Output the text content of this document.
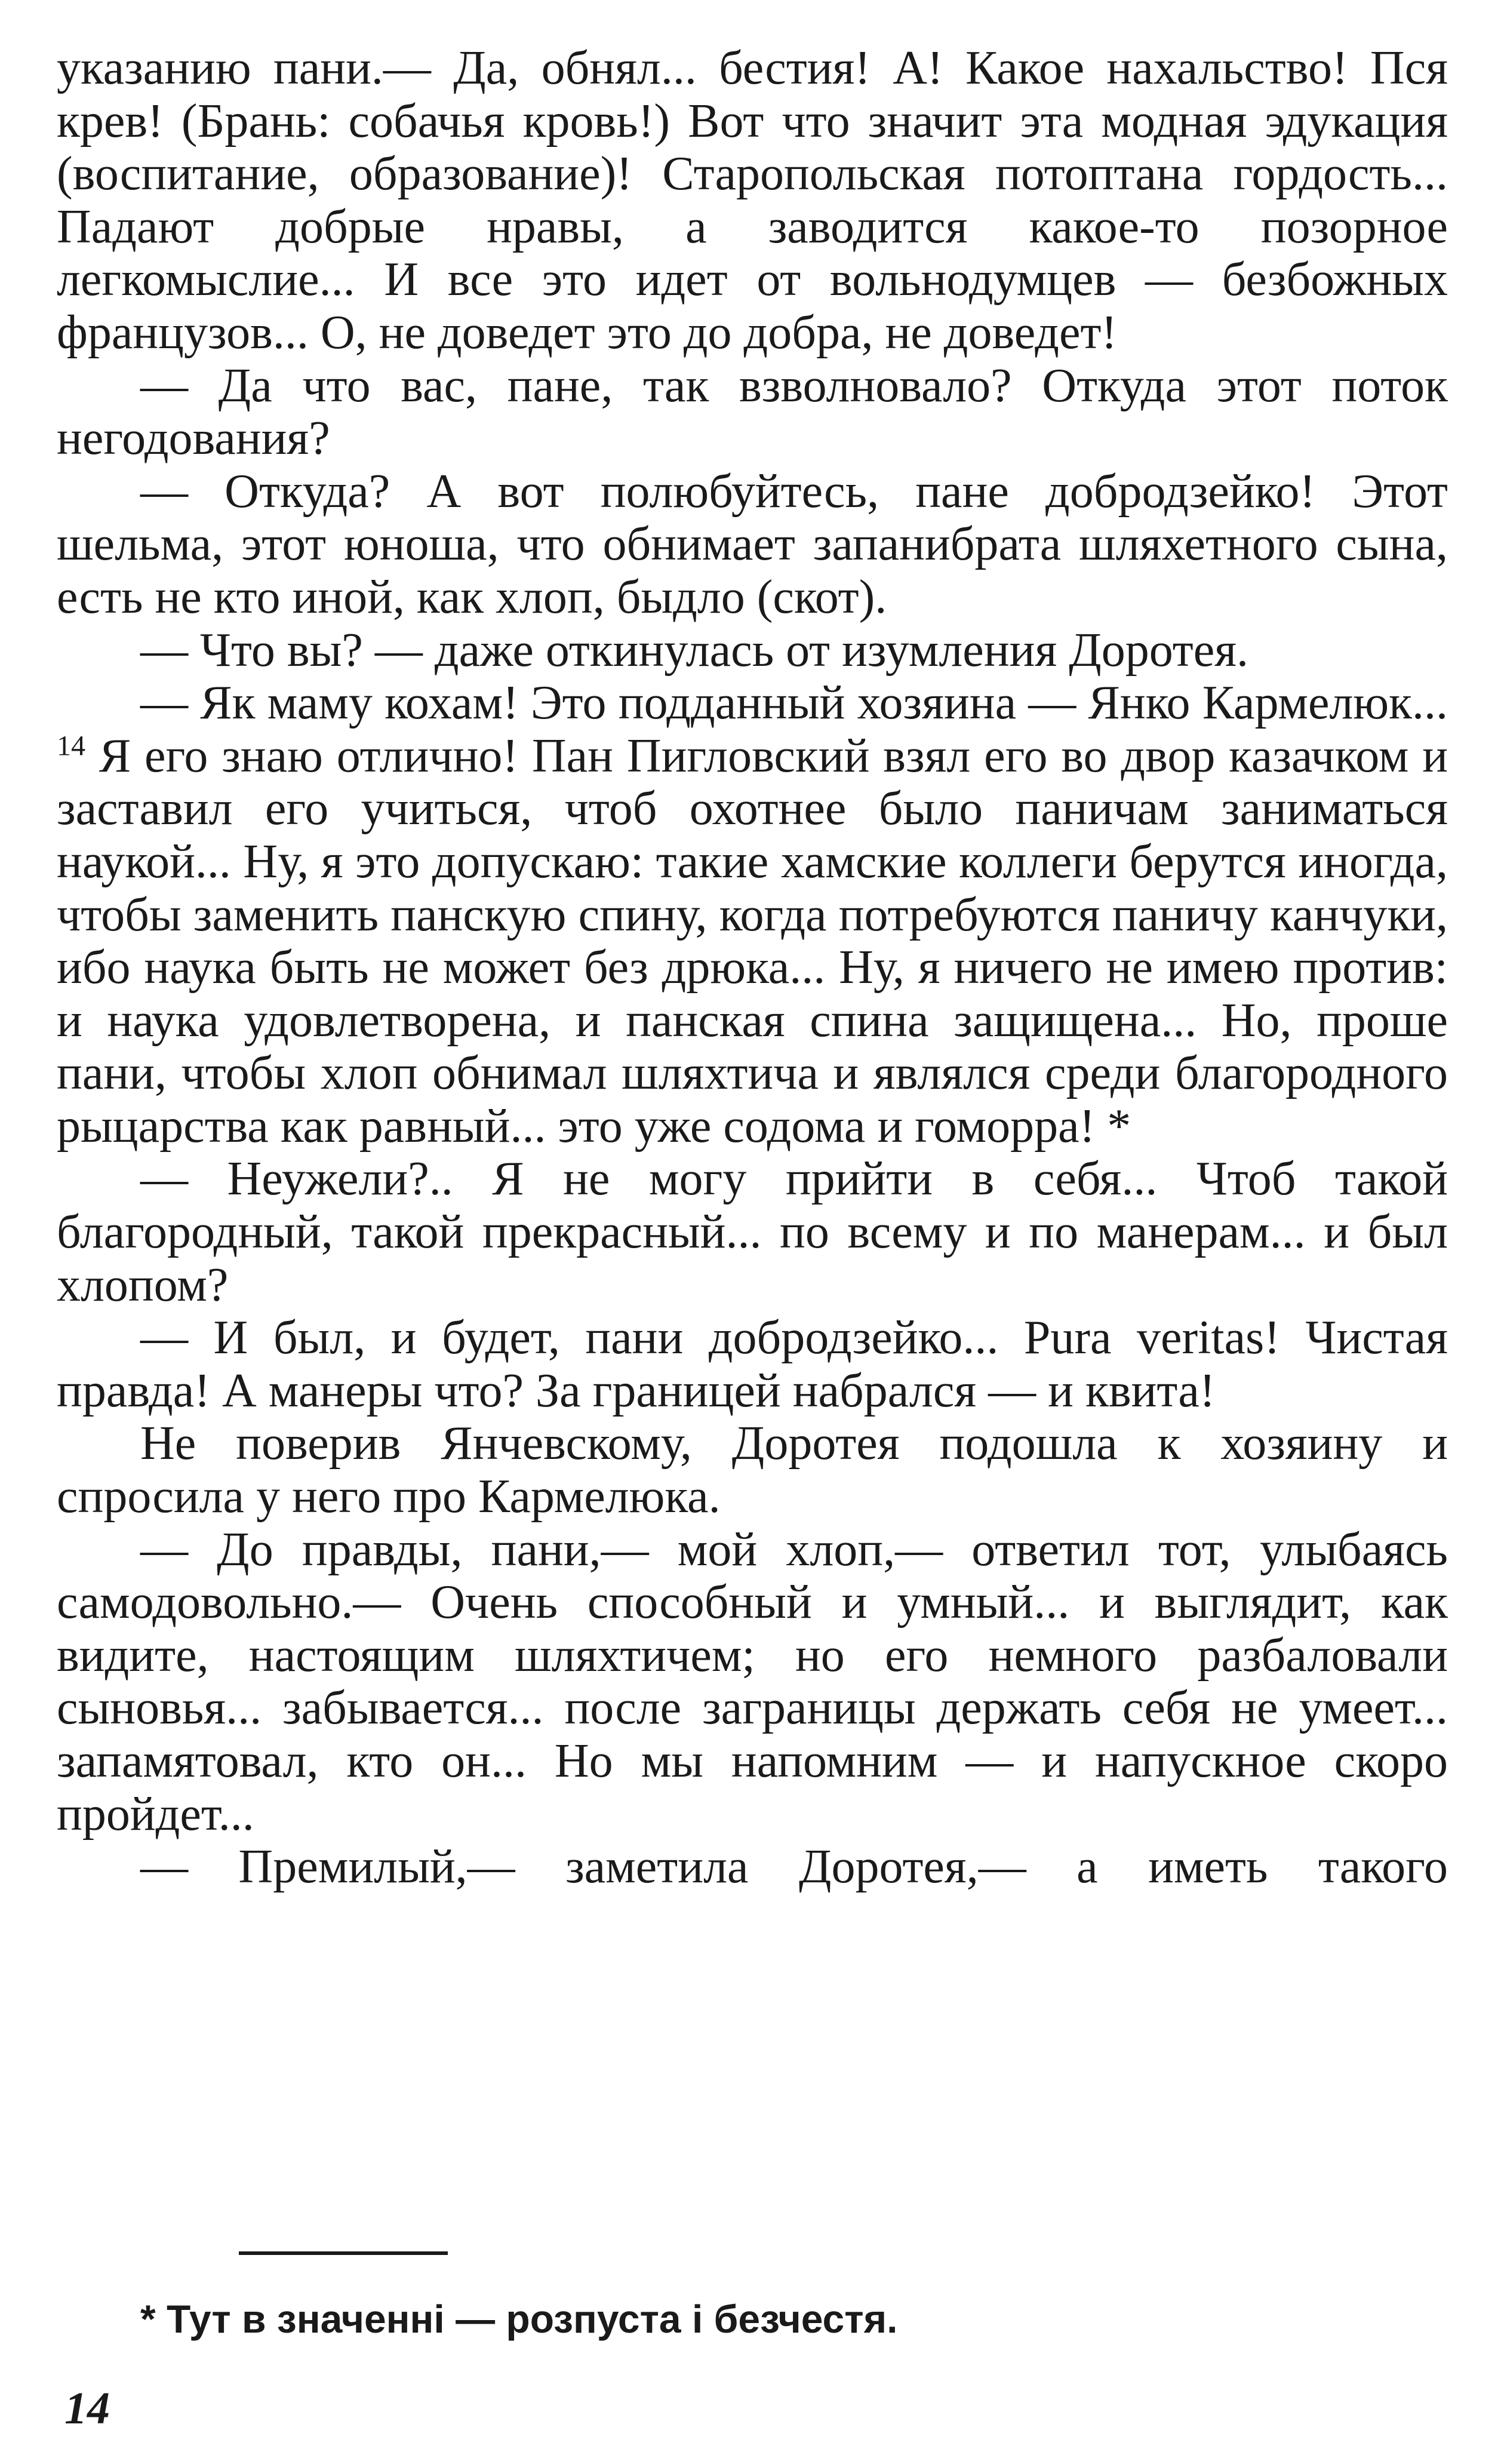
указанию пани.— Да, обнял... бестия! А! Какое нахальство! Пся крев! (Брань: собачья кровь!) Вот что значит эта модная эдукация (воспитание, образование)! Старопольская потоптана гордость... Падают добрые нравы, а заводится какое-то позорное легкомыслие... И все это идет от вольнодумцев — безбожных французов... О, не доведет это до добра, не доведет!

— Да что вас, пане, так взволновало? Откуда этот поток негодования?

— Откуда? А вот полюбуйтесь, пане добродзейко! Этот шельма, этот юноша, что обнимает запанибрата шляхетного сына, есть не кто иной, как хлоп, быдло (скот).

— Что вы? — даже откинулась от изумления Доротея.

— Як маму кохам! Это подданный хозяина — Янко Кармелюк... $^{14}$ Я его знаю отлично! Пан Пигловский взял его во двор казачком и заставил его учиться, чтоб охотнее было паничам заниматься наукой... Ну, я это допускаю: такие хамские коллеги берутся иногда, чтобы заменить панскую спину, когда потребуются паничу канчуки, ибо наука быть не может без дрюка... Ну, я ничего не имею против: и наука удовлетворена, и панская спина защищена... Но, проше пани, чтобы хлоп обнимал шляхтича и являлся среди благородного рыцарства как равный... это уже содома и гоморра! *

— Неужели?.. Я не могу прийти в себя... Чтоб такой благородный, такой прекрасный... по всему и по манерам... и был хлопом?

— И был, и будет, пани добродзейко... Pura veritas! Чистая правда! А манеры что? За границей набрался — и квита!

Не поверив Янчевскому, Доротея подошла к хозяину и спросила у него про Кармелюка.

— До правды, пани,— мой хлоп,— ответил тот, улыбаясь самодовольно.— Очень способный и умный... и выглядит, как видите, настоящим шляхтичем; но его немного разбаловали сыновья... забывается... после заграницы держать себя не умеет... запамятовал, кто он... Но мы напомним — и напускное скоро пройдет...

— Премилый,— заметила Доротея,— а иметь такого

* Тут в значенні — розпуста і безчестя.
14
